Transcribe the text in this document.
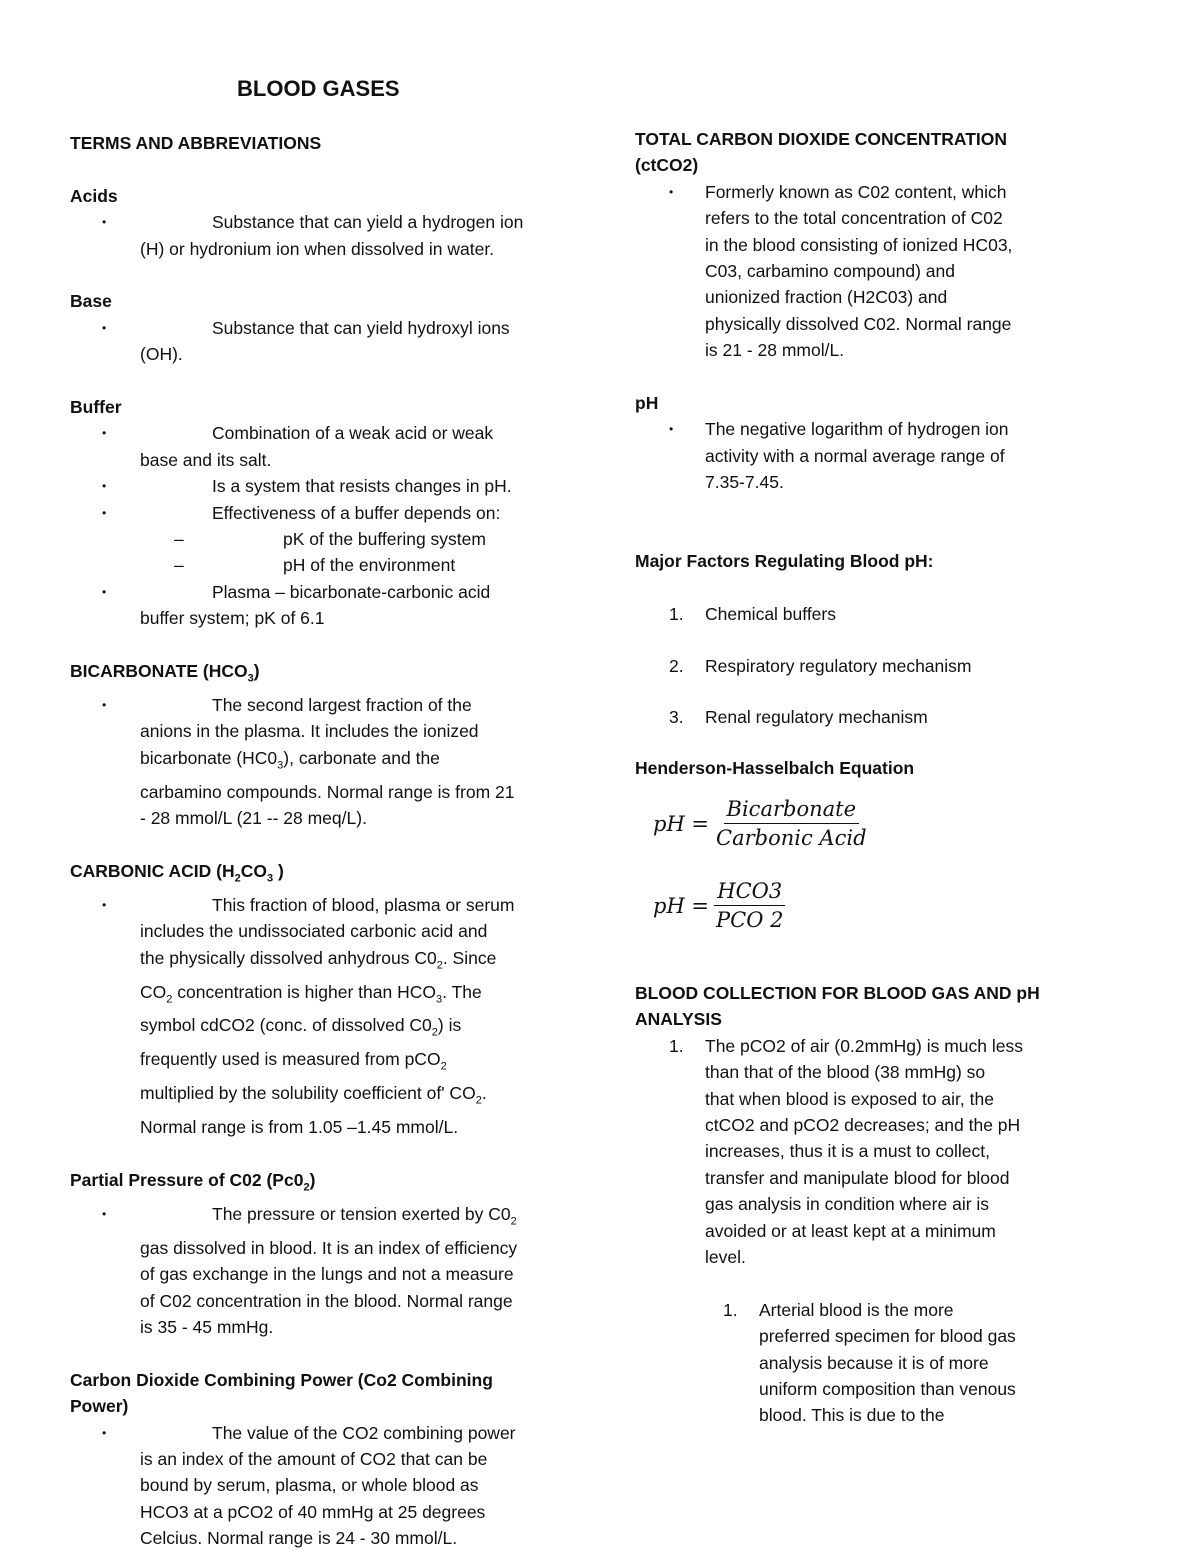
BLOOD GASES
TERMS AND ABBREVIATIONS
Acids
•	Substance that can yield a hydrogen ion
(H) or hydronium ion when dissolved in water.
Base
•	Substance that can yield hydroxyl ions
(OH).
Buffer
•	Combination of a weak acid or weak
base and its salt.
•	Is a system that resists changes in pH.
•	Effectiveness of a buffer depends on:
–	pK of the buffering system
–	pH of the environment
•	Plasma – bicarbonate-carbonic acid
buffer system; pK of 6.1
BICARBONATE $(HCO_3)$
•	The second largest fraction of the
anions in the plasma. It includes the ionized
bicarbonate $(HC0_3)$, carbonate and the
carbamino compounds. Normal range is from 21
- 28 mmol/L (21 -- 28 meq/L).
CARBONIC ACID ($H_2CO_3$ )
•	This fraction of blood, plasma or serum
includes the undissociated carbonic acid and
the physically dissolved anhydrous $C0_2$. Since
$CO_2$ concentration is higher than $HCO_3$. The
symbol cdCO2 (conc. of dissolved $C0_2$) is
frequently used is measured from pCO$_2$
multiplied by the solubility coefficient of' $CO_2$.
Normal range is from 1.05 –1.45 mmol/L.
Partial Pressure of C02 $(Pc0_2)$
•	The pressure or tension exerted by $C0_2$
gas dissolved in blood. It is an index of efficiency
of gas exchange in the lungs and not a measure
of C02 concentration in the blood. Normal range
is 35 - 45 mmHg.
Carbon Dioxide Combining Power (Co2 Combining
Power)
•	The value of the CO2 combining power
is an index of the amount of CO2 that can be
bound by serum, plasma, or whole blood as
HCO3 at a pCO2 of 40 mmHg at 25 degrees
Celcius. Normal range is 24 - 30 mmol/L.
TOTAL CARBON DIOXIDE CONCENTRATION
(ctCO2)
•	Formerly known as C02 content, which
refers to the total concentration of C02
in the blood consisting of ionized HC03,
C03, carbamino compound) and
unionized fraction (H2C03) and
physically dissolved C02. Normal range
is 21 - 28 mmol/L.
pH
•	The negative logarithm of hydrogen ion
activity with a normal average range of
7.35-7.45.
Major Factors Regulating Blood pH:
1.	Chemical buffers
2.	Respiratory regulatory mechanism
3.	Renal regulatory mechanism
Henderson-Hasselbalch Equation
pH = $\frac{\text{Bicarbonate}}{\text{Carbonic Acid}}$
pH = $\frac{\text{HCO3}}{\text{PCO 2}}$
BLOOD COLLECTION FOR BLOOD GAS AND pH
ANALYSIS
1.	The pCO2 of air (0.2mmHg) is much less
than that of the blood (38 mmHg) so
that when blood is exposed to air, the
ctCO2 and pCO2 decreases; and the pH
increases, thus it is a must to collect,
transfer and manipulate blood for blood
gas analysis in condition where air is
avoided or at least kept at a minimum
level.
1.	Arterial blood is the more
preferred specimen for blood gas
analysis because it is of more
uniform composition than venous
blood. This is due to the
